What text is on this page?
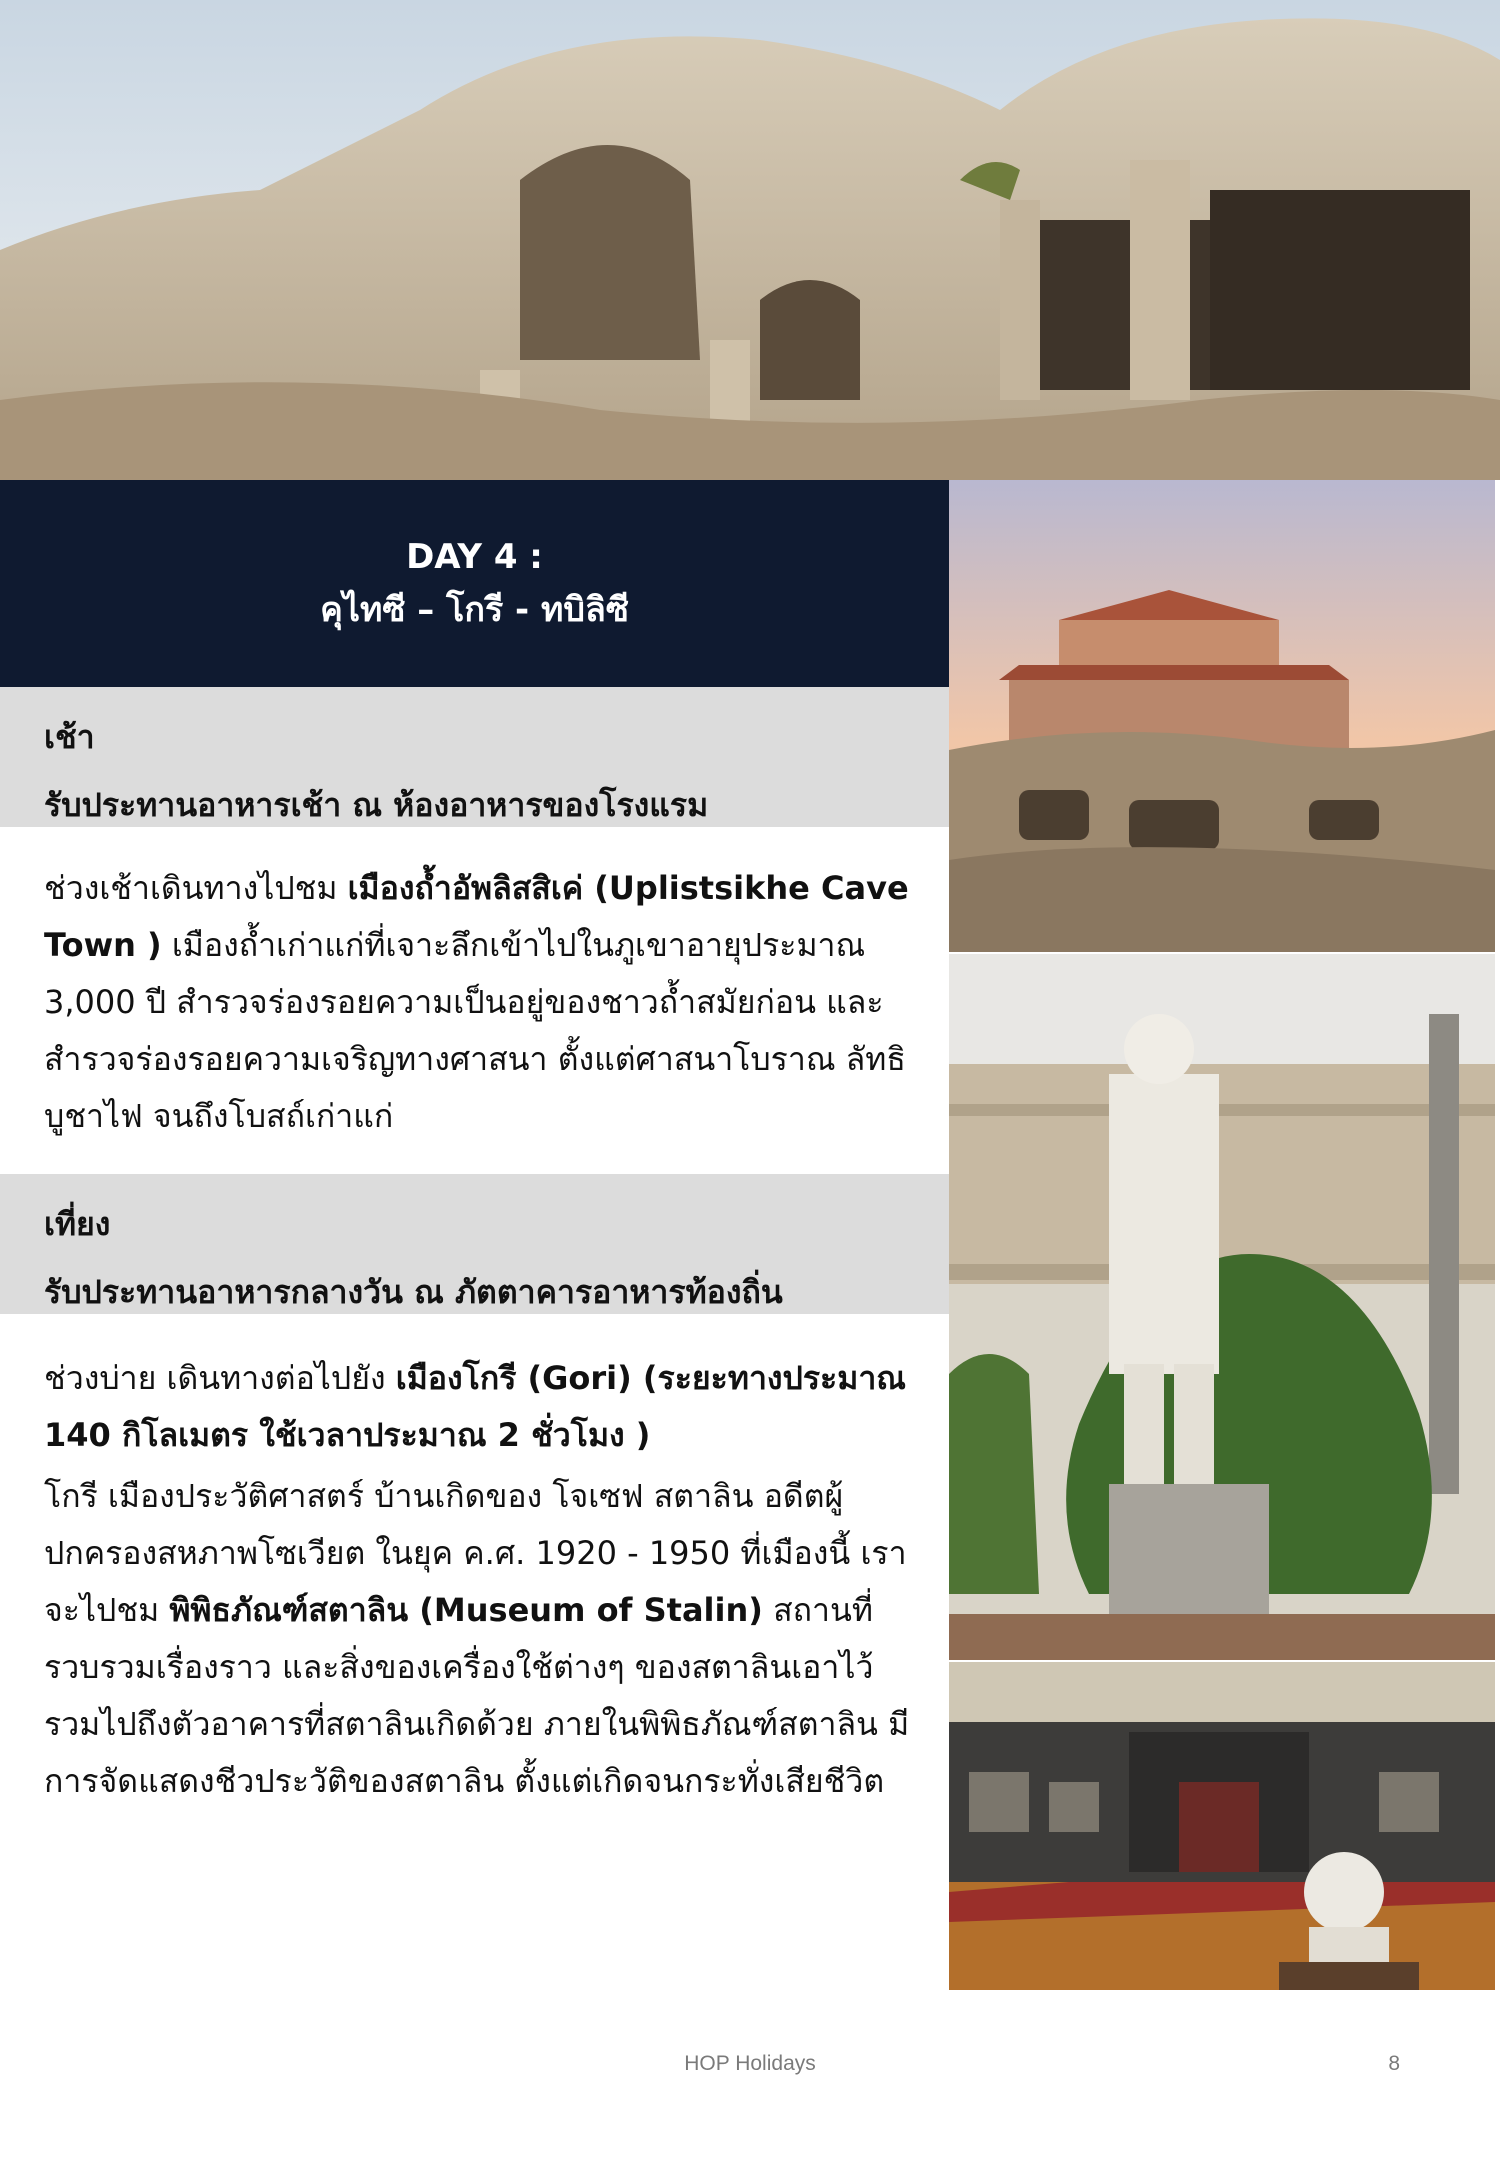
DAY 4 :
คุไทซี – โกรี - ทบิลิซี
เช้า
รับประทานอาหารเช้า ณ ห้องอาหารของโรงแรม
ช่วงเช้าเดินทางไปชม เมืองถ้ำอัพลิสสิเค่ (Uplistsikhe Cave Town ) เมืองถ้ำเก่าแก่ที่เจาะลึกเข้าไปในภูเขาอายุประมาณ 3,000 ปี สำรวจร่องรอยความเป็นอยู่ของชาวถ้ำสมัยก่อน และสำรวจร่องรอยความเจริญทางศาสนา ตั้งแต่ศาสนาโบราณ ลัทธิบูชาไฟ จนถึงโบสถ์เก่าแก่
เที่ยง
รับประทานอาหารกลางวัน ณ ภัตตาคารอาหารท้องถิ่น
ช่วงบ่าย เดินทางต่อไปยัง เมืองโกรี (Gori) (ระยะทางประมาณ 140 กิโลเมตร ใช้เวลาประมาณ 2 ชั่วโมง )
โกรี เมืองประวัติศาสตร์ บ้านเกิดของ โจเซฟ สตาลิน อดีตผู้ปกครองสหภาพโซเวียต ในยุค ค.ศ. 1920 - 1950 ที่เมืองนี้ เราจะไปชม พิพิธภัณฑ์สตาลิน (Museum of Stalin) สถานที่รวบรวมเรื่องราว และสิ่งของเครื่องใช้ต่างๆ ของสตาลินเอาไว้ รวมไปถึงตัวอาคารที่สตาลินเกิดด้วย ภายในพิพิธภัณฑ์สตาลิน มีการจัดแสดงชีวประวัติของสตาลิน ตั้งแต่เกิดจนกระทั่งเสียชีวิต
HOP Holidays	8
